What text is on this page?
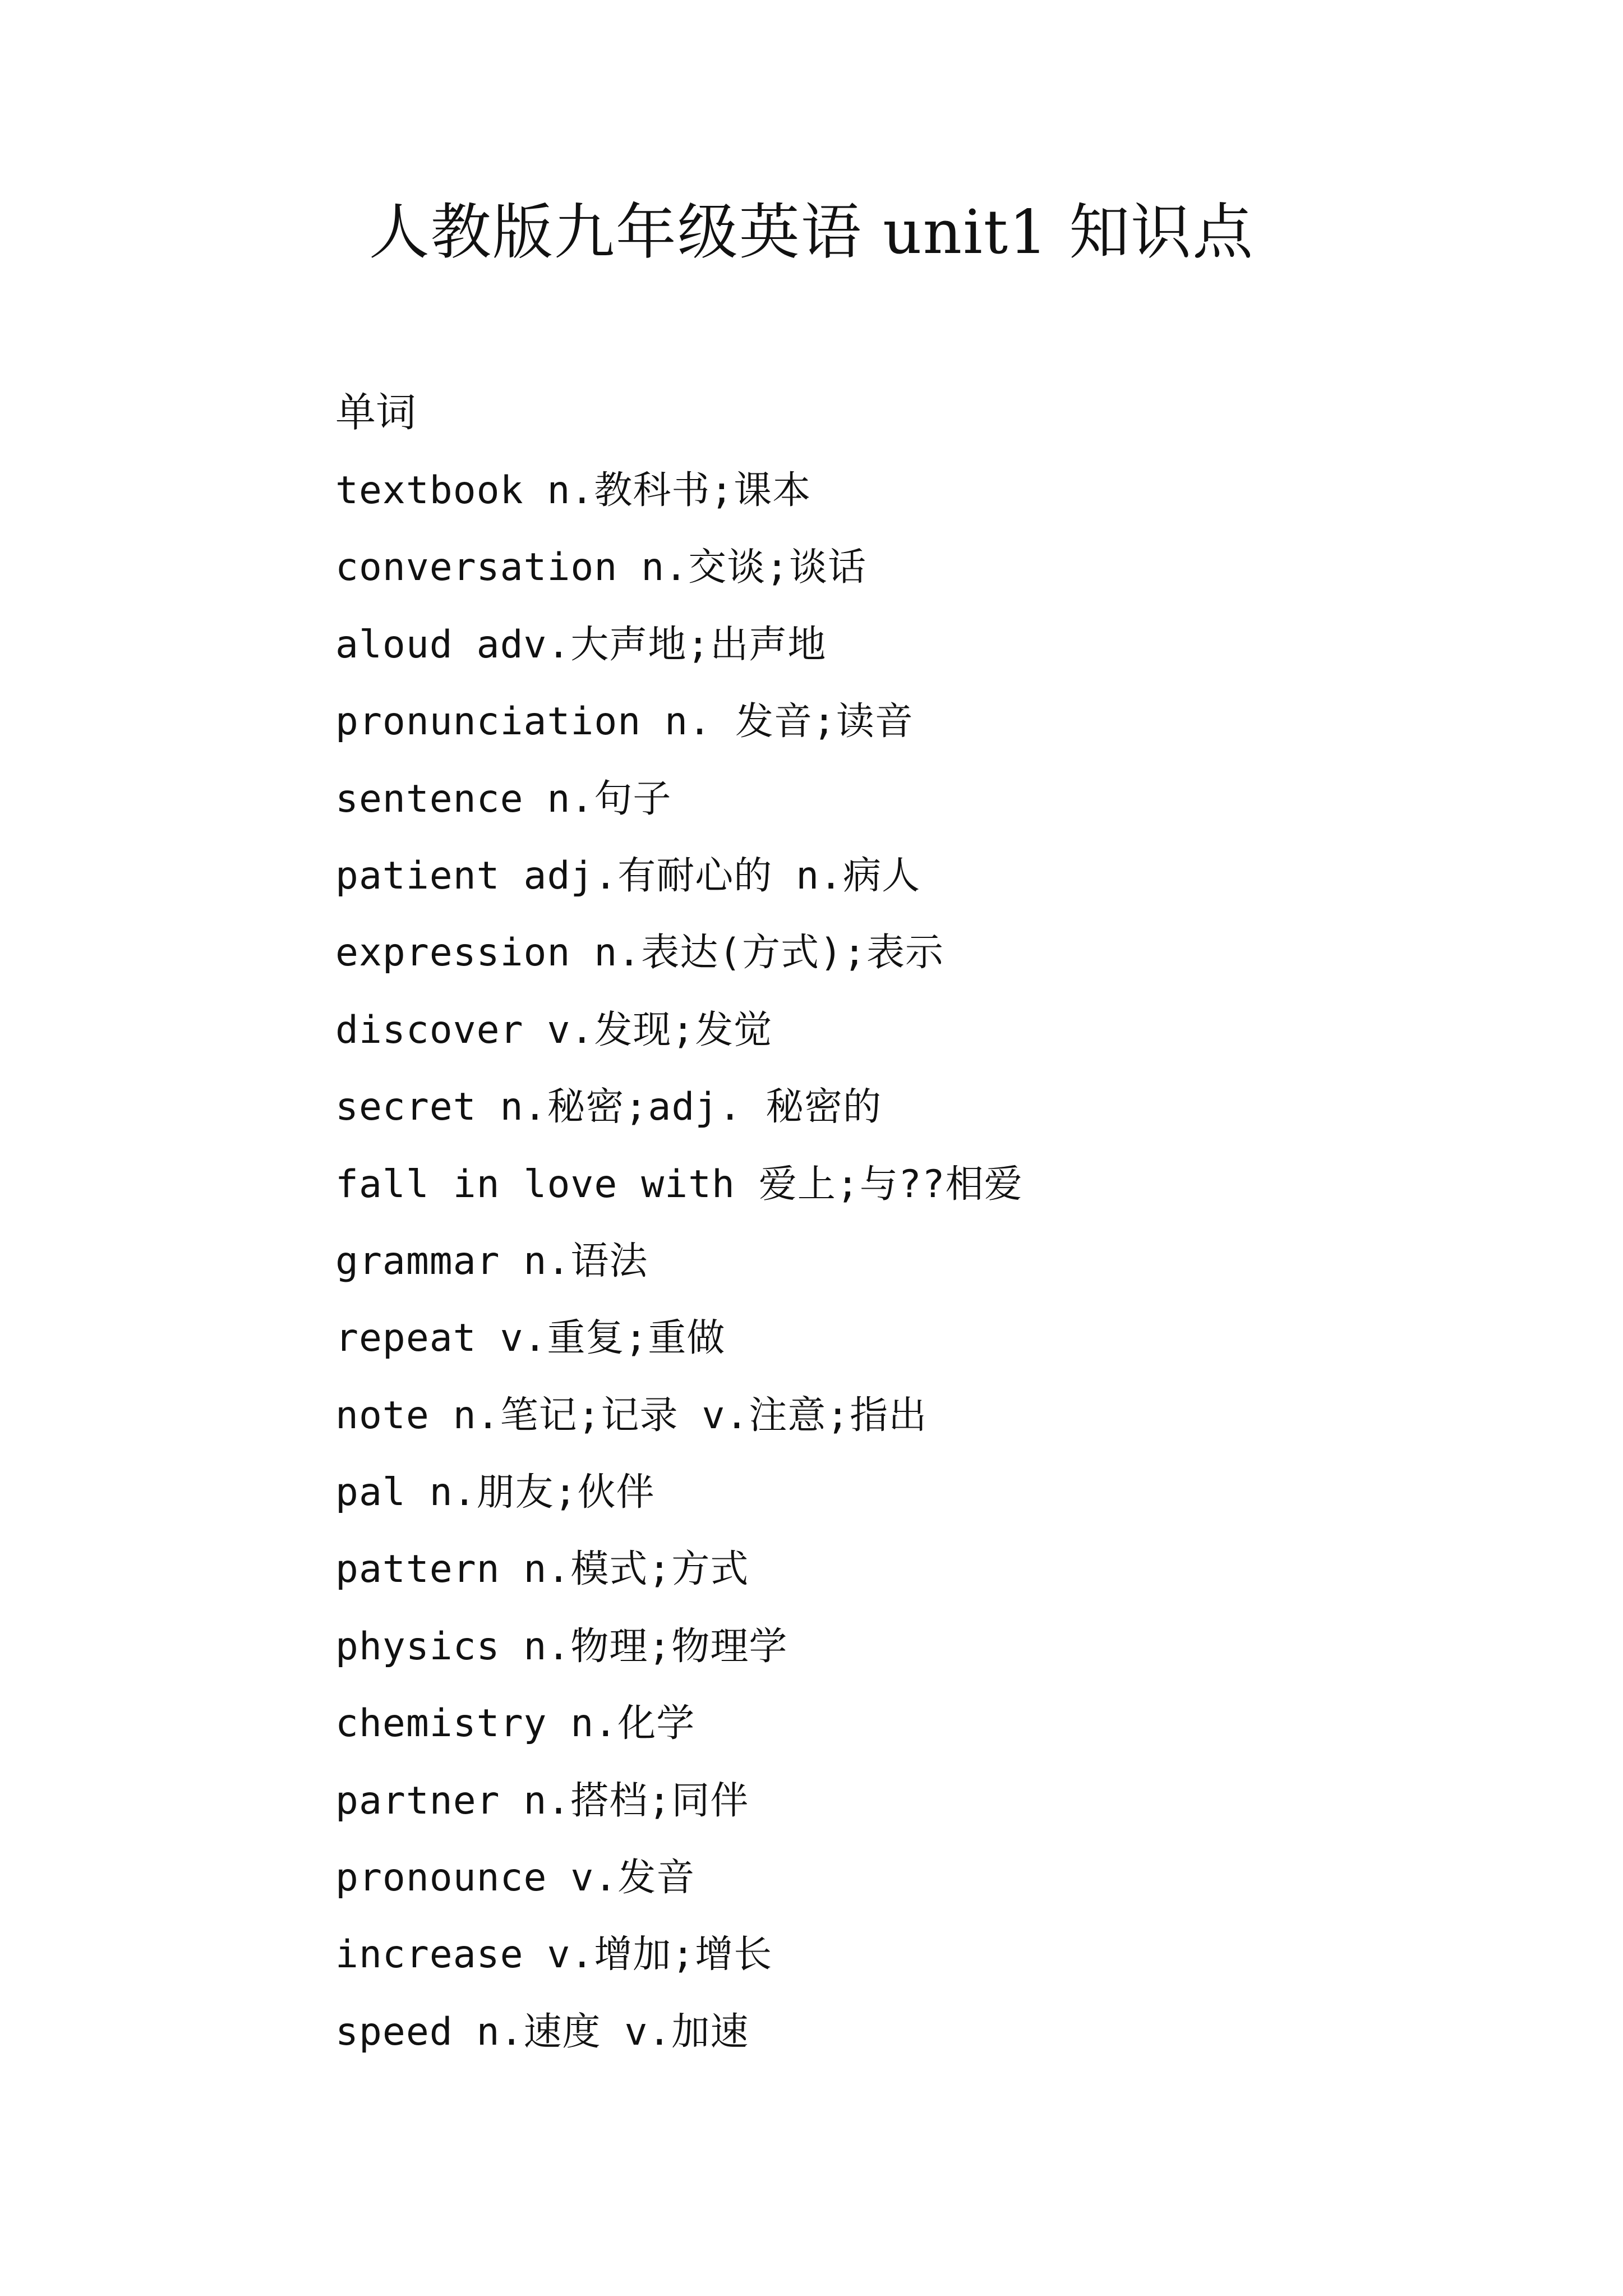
人教版九年级英语 unit1 知识点
单词
textbook n.教科书;课本
conversation n.交谈;谈话
aloud adv.大声地;出声地
pronunciation n. 发音;读音
sentence n.句子
patient adj.有耐心的 n.病人
expression n.表达(方式);表示
discover v.发现;发觉
secret n.秘密;adj. 秘密的
fall in love with 爱上;与??相爱
grammar n.语法
repeat v.重复;重做
note n.笔记;记录 v.注意;指出
pal n.朋友;伙伴
pattern n.模式;方式
physics n.物理;物理学
chemistry n.化学
partner n.搭档;同伴
pronounce v.发音
increase v.增加;增长
speed n.速度 v.加速
